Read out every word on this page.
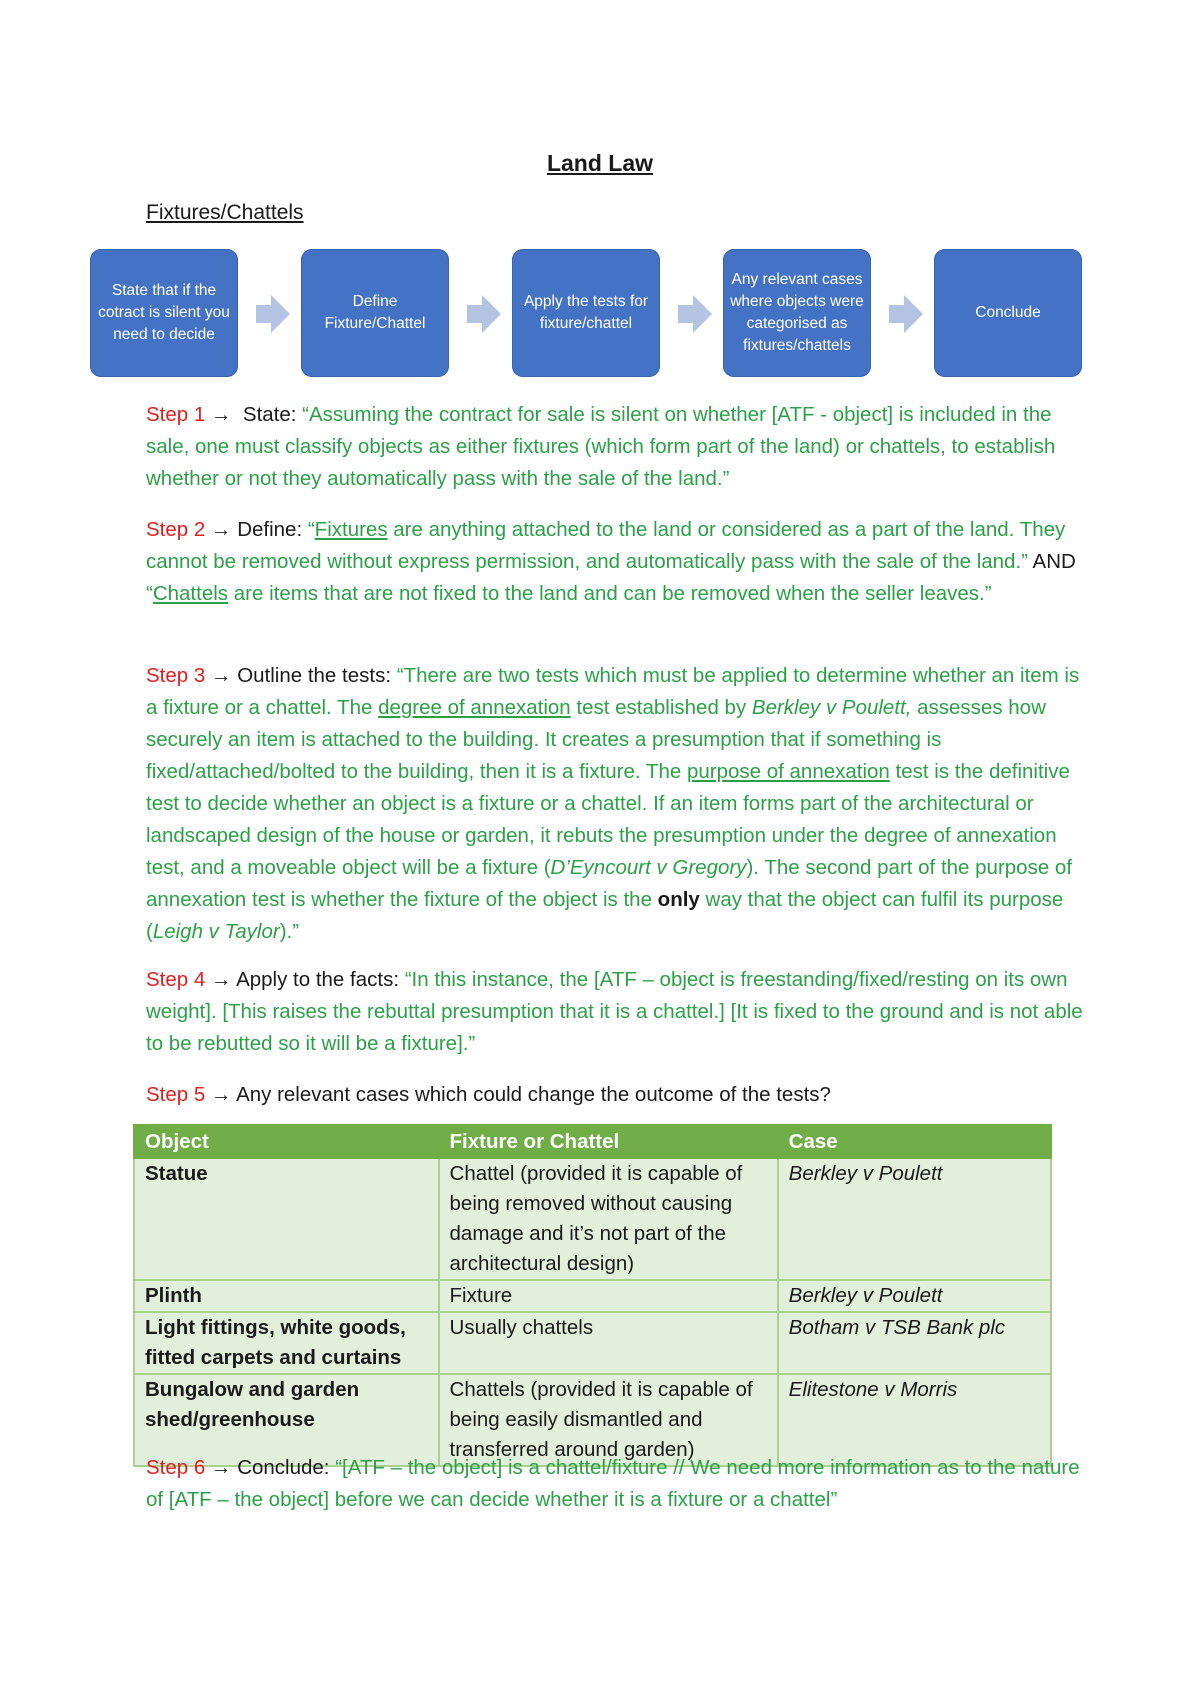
Land Law
Fixtures/Chattels
State that if the cotract is silent you need to decide
Define Fixture/Chattel
Apply the tests for fixture/chattel
Any relevant cases where objects were categorised as fixtures/chattels
Conclude
Step 1 → State: “Assuming the contract for sale is silent on whether [ATF - object] is included in the sale, one must classify objects as either fixtures (which form part of the land) or chattels, to establish whether or not they automatically pass with the sale of the land.”
Step 2 → Define: “Fixtures are anything attached to the land or considered as a part of the land. They cannot be removed without express permission, and automatically pass with the sale of the land.” AND “Chattels are items that are not fixed to the land and can be removed when the seller leaves.”
Step 3 → Outline the tests: “There are two tests which must be applied to determine whether an item is a fixture or a chattel. The degree of annexation test established by Berkley v Poulett, assesses how securely an item is attached to the building. It creates a presumption that if something is fixed/attached/bolted to the building, then it is a fixture. The purpose of annexation test is the definitive test to decide whether an object is a fixture or a chattel. If an item forms part of the architectural or landscaped design of the house or garden, it rebuts the presumption under the degree of annexation test, and a moveable object will be a fixture (D’Eyncourt v Gregory). The second part of the purpose of annexation test is whether the fixture of the object is the only way that the object can fulfil its purpose (Leigh v Taylor).”
Step 4 → Apply to the facts: “In this instance, the [ATF – object is freestanding/fixed/resting on its own weight]. [This raises the rebuttal presumption that it is a chattel.] [It is fixed to the ground and is not able to be rebutted so it will be a fixture].”
Step 5 → Any relevant cases which could change the outcome of the tests?
Object	Fixture or Chattel	Case
Statue	Chattel (provided it is capable of being removed without causing damage and it’s not part of the architectural design)	Berkley v Poulett
Plinth	Fixture	Berkley v Poulett
Light fittings, white goods, fitted carpets and curtains	Usually chattels	Botham v TSB Bank plc
Bungalow and garden shed/greenhouse	Chattels (provided it is capable of being easily dismantled and transferred around garden)	Elitestone v Morris
Step 6 → Conclude: “[ATF – the object] is a chattel/fixture // We need more information as to the nature of [ATF – the object] before we can decide whether it is a fixture or a chattel”
